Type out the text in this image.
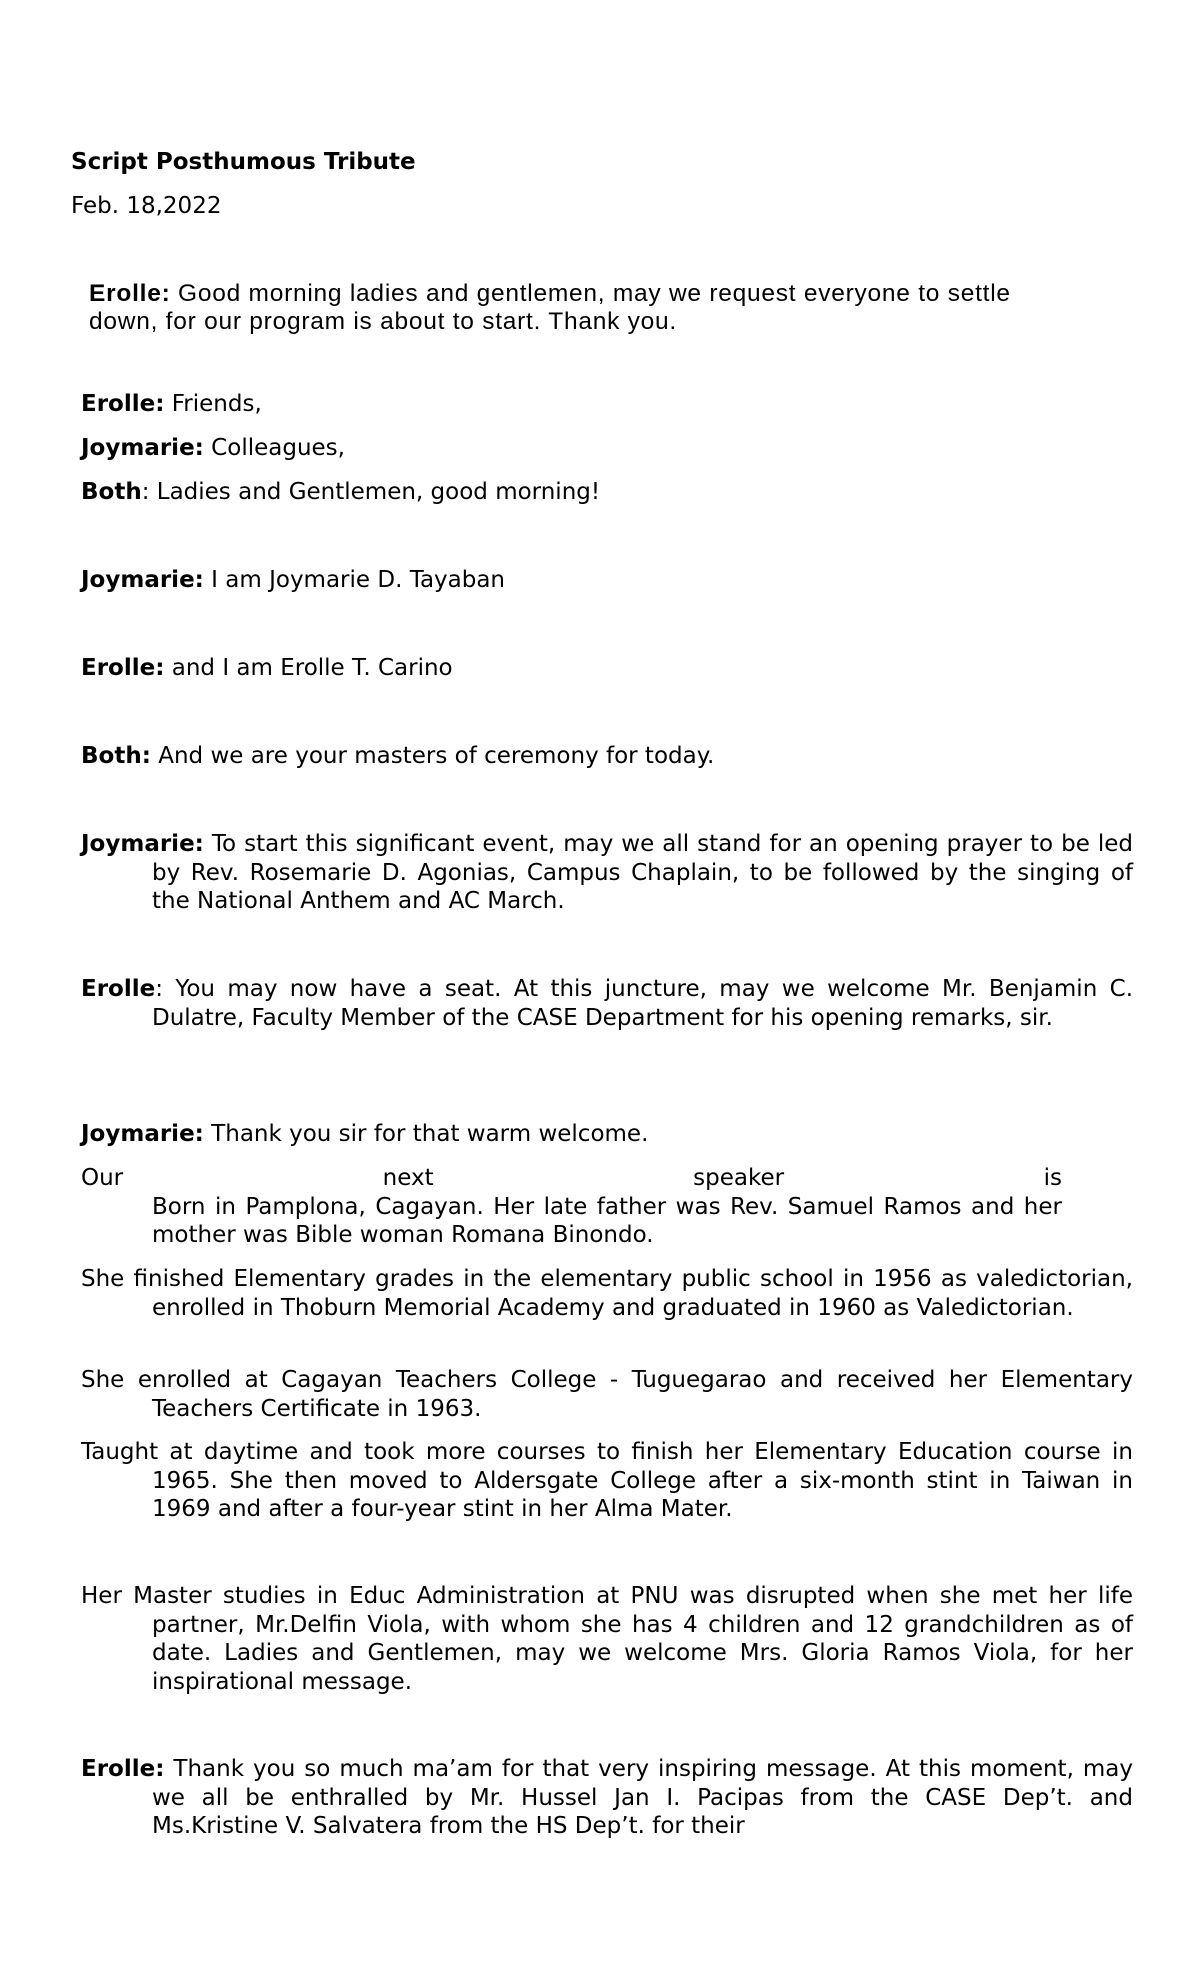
Script Posthumous Tribute
Feb. 18,2022
Erolle: Good morning ladies and gentlemen, may we request everyone to settle down, for our program is about to start. Thank you.
Erolle: Friends,
Joymarie: Colleagues,
Both: Ladies and Gentlemen, good morning!
Joymarie: I am Joymarie D. Tayaban
Erolle: and I am Erolle T. Carino
Both: And we are your masters of ceremony for today.
Joymarie: To start this significant event, may we all stand for an opening prayer to be led by Rev. Rosemarie D. Agonias, Campus Chaplain, to be followed by the singing of the National Anthem and AC March.
Erolle: You may now have a seat. At this juncture, may we welcome Mr. Benjamin C. Dulatre, Faculty Member of the CASE Department for his opening remarks, sir.
Joymarie: Thank you sir for that warm welcome.
Our next speaker is
Born in Pamplona, Cagayan. Her late father was Rev. Samuel Ramos and her mother was Bible woman Romana Binondo.
She finished Elementary grades in the elementary public school in 1956 as valedictorian, enrolled in Thoburn Memorial Academy and graduated in 1960 as Valedictorian.
She enrolled at Cagayan Teachers College - Tuguegarao and received her Elementary Teachers Certificate in 1963.
Taught at daytime and took more courses to finish her Elementary Education course in 1965. She then moved to Aldersgate College after a six-month stint in Taiwan in 1969 and after a four-year stint in her Alma Mater.
Her Master studies in Educ Administration at PNU was disrupted when she met her life partner, Mr.Delfin Viola, with whom she has 4 children and 12 grandchildren as of date. Ladies and Gentlemen, may we welcome Mrs. Gloria Ramos Viola, for her inspirational message.
Erolle: Thank you so much ma’am for that very inspiring message. At this moment, may we all be enthralled by Mr. Hussel Jan I. Pacipas from the CASE Dep’t. and Ms.Kristine V. Salvatera from the HS Dep’t. for their
